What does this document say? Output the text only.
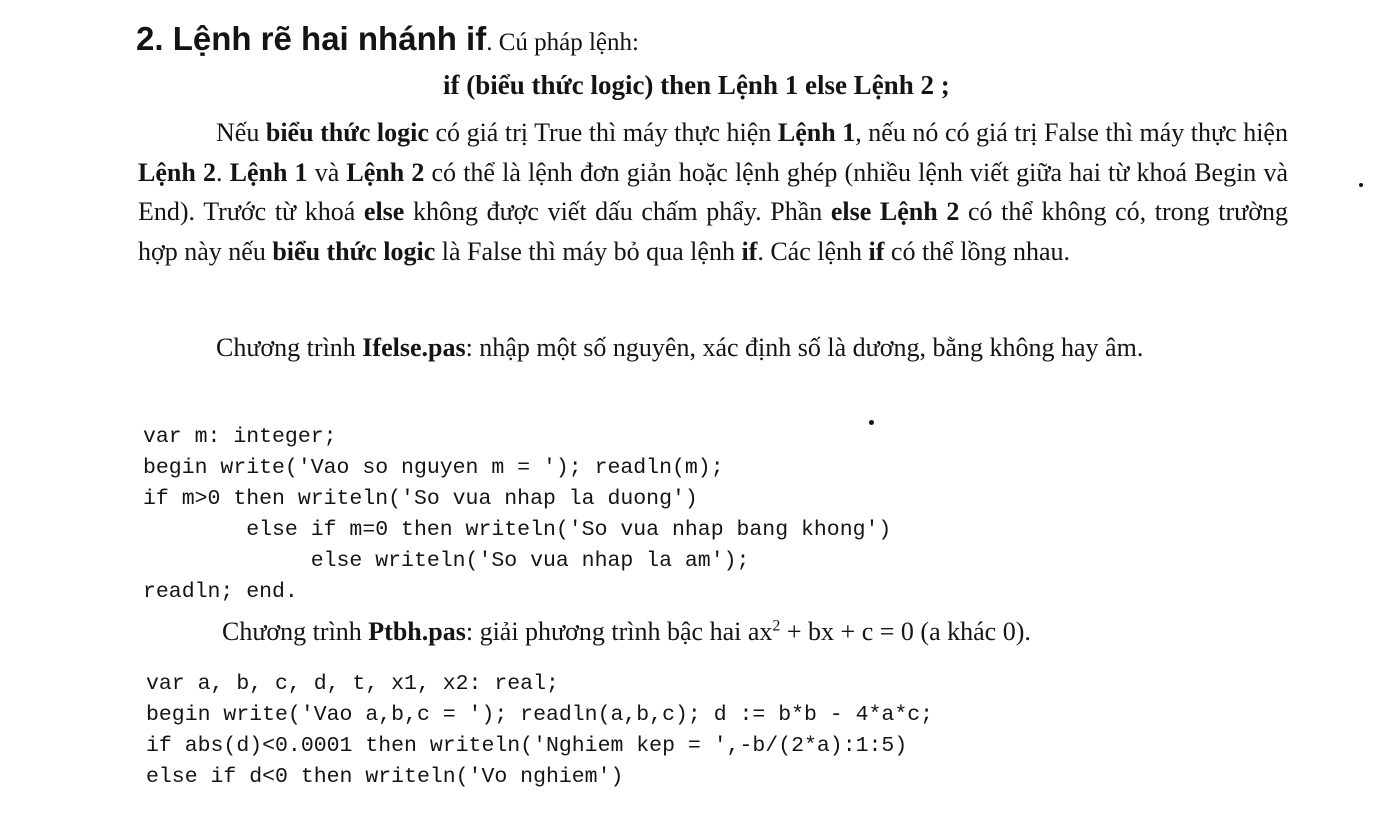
2. Lệnh rẽ hai nhánh if. Cú pháp lệnh:
if (biểu thức logic) then Lệnh 1 else Lệnh 2 ;

Nếu biểu thức logic có giá trị True thì máy thực hiện Lệnh 1, nếu nó có giá trị False thì máy thực hiện Lệnh 2. Lệnh 1 và Lệnh 2 có thể là lệnh đơn giản hoặc lệnh ghép (nhiều lệnh viết giữa hai từ khoá Begin và End). Trước từ khoá else không được viết dấu chấm phẩy. Phần else Lệnh 2 có thể không có, trong trường hợp này nếu biểu thức logic là False thì máy bỏ qua lệnh if. Các lệnh if có thể lồng nhau.

Chương trình Ifelse.pas: nhập một số nguyên, xác định số là dương, bằng không hay âm.

var m: integer;
begin write('Vao so nguyen m = '); readln(m);
if m>0 then writeln('So vua nhap la duong')
else if m=0 then writeln('So vua nhap bang khong')
else writeln('So vua nhap la am');
readln; end.

Chương trình Ptbh.pas: giải phương trình bậc hai $ax^2$ + bx + c = 0 (a khác 0).

var a, b, c, d, t, x1, x2: real;
begin write('Vao a,b,c = '); readln(a,b,c); d := b*b - 4*a*c;
if abs(d)<0.0001 then writeln('Nghiem kep = ',-b/(2*a):1:5)
else if d<0 then writeln('Vo nghiem')
